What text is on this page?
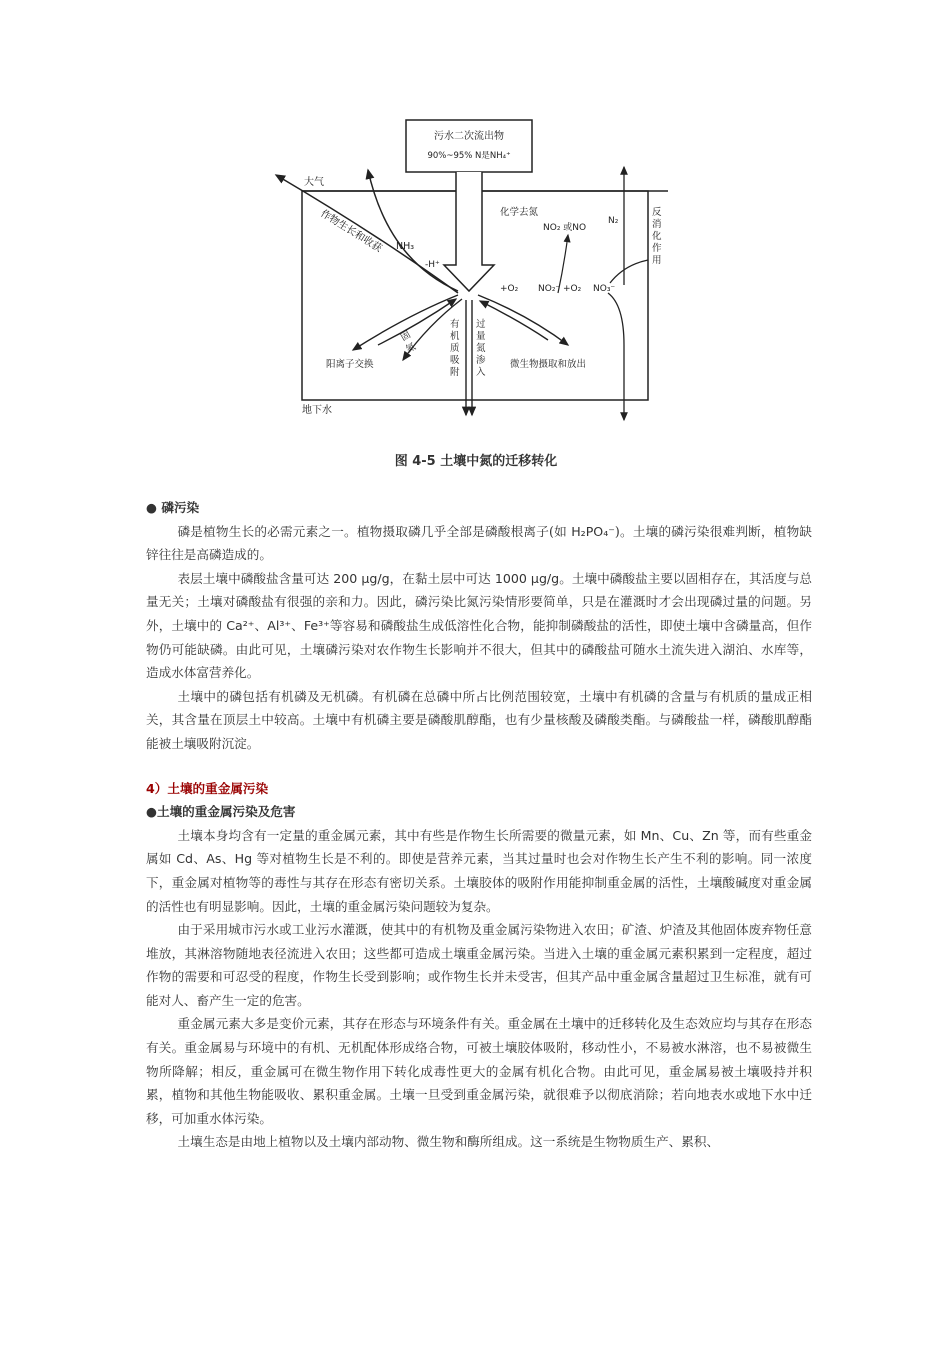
污水二次流出物
90%~95% N是NH₄⁺
大气
地下水
作物生长和收获 NH₃
-H⁺
化学去氮
NO₂ 或NO
N₂
+O₂ NO₂⁻ +O₂ NO₃⁻
反
消
化
作
用
阳离子交换
固
氮
有
机
质
吸
附
过
量
氮
渗
入
微生物摄取和放出
图 4-5 土壤中氮的迁移转化

● 磷污染

磷是植物生长的必需元素之一。植物摄取磷几乎全部是磷酸根离子(如 H₂PO₄⁻)。土壤的磷污染很难判断，植物缺锌往往是高磷造成的。

表层土壤中磷酸盐含量可达 200 μg/g，在黏土层中可达 1000 μg/g。土壤中磷酸盐主要以固相存在，其活度与总量无关；土壤对磷酸盐有很强的亲和力。因此，磷污染比氮污染情形要简单，只是在灌溉时才会出现磷过量的问题。另外，土壤中的 Ca²⁺、Al³⁺、Fe³⁺等容易和磷酸盐生成低溶性化合物，能抑制磷酸盐的活性，即使土壤中含磷量高，但作物仍可能缺磷。由此可见，土壤磷污染对农作物生长影响并不很大，但其中的磷酸盐可随水土流失进入湖泊、水库等，造成水体富营养化。

土壤中的磷包括有机磷及无机磷。有机磷在总磷中所占比例范围较宽，土壤中有机磷的含量与有机质的量成正相关，其含量在顶层土中较高。土壤中有机磷主要是磷酸肌醇酯，也有少量核酸及磷酸类酯。与磷酸盐一样，磷酸肌醇酯能被土壤吸附沉淀。

4）土壤的重金属污染

●土壤的重金属污染及危害

土壤本身均含有一定量的重金属元素，其中有些是作物生长所需要的微量元素，如 Mn、Cu、Zn 等，而有些重金属如 Cd、As、Hg 等对植物生长是不利的。即使是营养元素，当其过量时也会对作物生长产生不利的影响。同一浓度下，重金属对植物等的毒性与其存在形态有密切关系。土壤胶体的吸附作用能抑制重金属的活性，土壤酸碱度对重金属的活性也有明显影响。因此，土壤的重金属污染问题较为复杂。

由于采用城市污水或工业污水灌溉，使其中的有机物及重金属污染物进入农田；矿渣、炉渣及其他固体废弃物任意堆放，其淋溶物随地表径流进入农田；这些都可造成土壤重金属污染。当进入土壤的重金属元素积累到一定程度，超过作物的需要和可忍受的程度，作物生长受到影响；或作物生长并未受害，但其产品中重金属含量超过卫生标准，就有可能对人、畜产生一定的危害。

重金属元素大多是变价元素，其存在形态与环境条件有关。重金属在土壤中的迁移转化及生态效应均与其存在形态有关。重金属易与环境中的有机、无机配体形成络合物，可被土壤胶体吸附，移动性小，不易被水淋溶，也不易被微生物所降解；相反，重金属可在微生物作用下转化成毒性更大的金属有机化合物。由此可见，重金属易被土壤吸持并积累，植物和其他生物能吸收、累积重金属。土壤一旦受到重金属污染，就很难予以彻底消除；若向地表水或地下水中迁移，可加重水体污染。

土壤生态是由地上植物以及土壤内部动物、微生物和酶所组成。这一系统是生物物质生产、累积、
